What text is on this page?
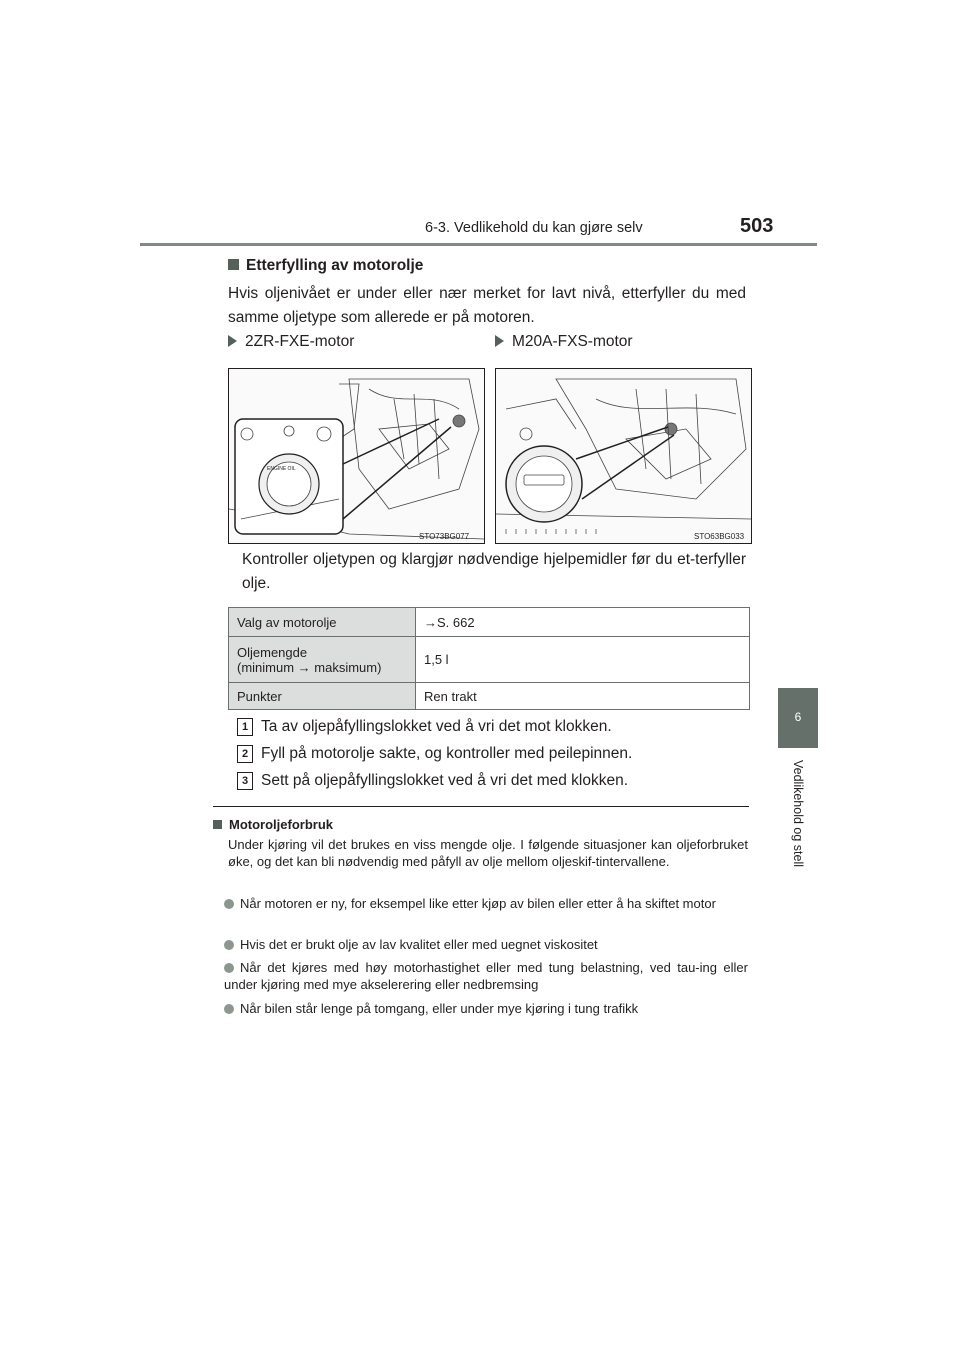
6-3. Vedlikehold du kan gjøre selv	503
6
Vedlikehold og stell
Etterfylling av motorolje
Hvis oljenivået er under eller nær merket for lavt nivå, etterfyller du med samme oljetype som allerede er på motoren.
2ZR-FXE-motor	M20A-FXS-motor
ENGINE OIL
STO73BG077	STO63BG033
Kontroller oljetypen og klargjør nødvendige hjelpemidler før du et-terfyller olje.
Valg av motorolje	→S. 662
Oljemengde
(minimum → maksimum)	1,5 l
Punkter	Ren trakt
1 Ta av oljepåfyllingslokket ved å vri det mot klokken.
2 Fyll på motorolje sakte, og kontroller med peilepinnen.
3 Sett på oljepåfyllingslokket ved å vri det med klokken.
Motoroljeforbruk
Under kjøring vil det brukes en viss mengde olje. I følgende situasjoner kan oljeforbruket øke, og det kan bli nødvendig med påfyll av olje mellom oljeskif-tintervallene.
Når motoren er ny, for eksempel like etter kjøp av bilen eller etter å ha skiftet motor
Hvis det er brukt olje av lav kvalitet eller med uegnet viskositet
Når det kjøres med høy motorhastighet eller med tung belastning, ved tau-ing eller under kjøring med mye akselerering eller nedbremsing
Når bilen står lenge på tomgang, eller under mye kjøring i tung trafikk
